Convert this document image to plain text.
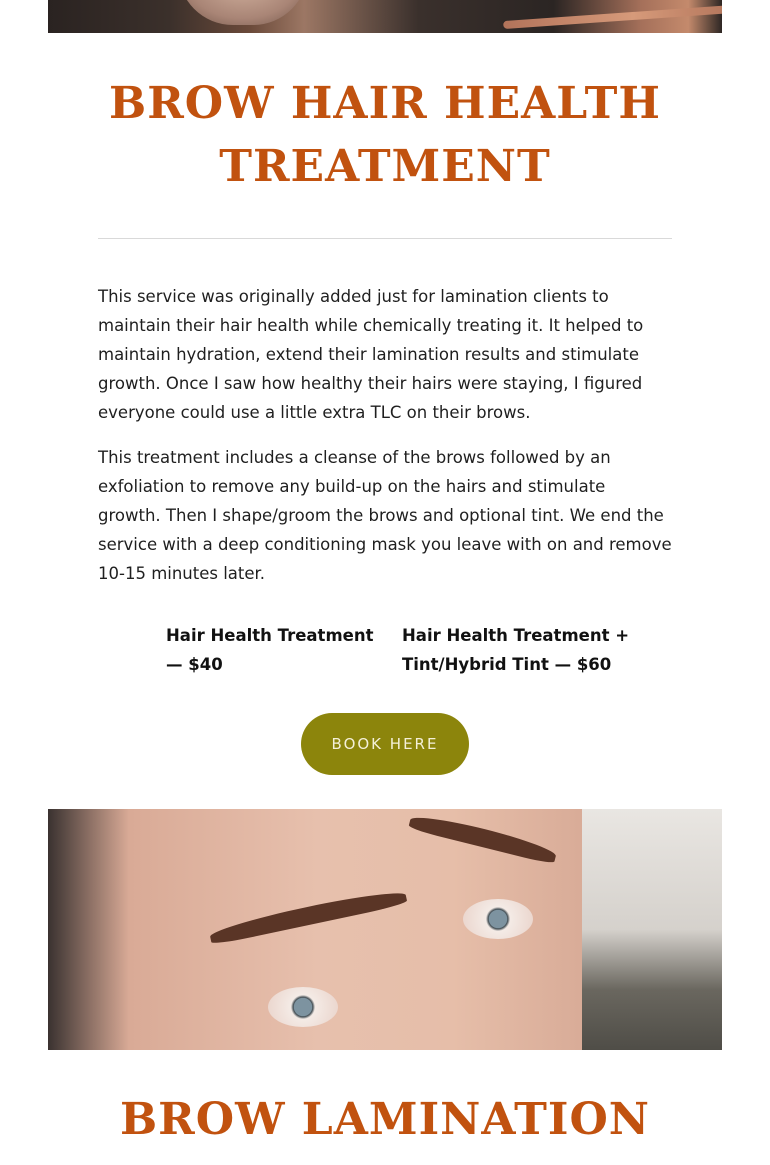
BROW HAIR HEALTH TREATMENT

This service was originally added just for lamination clients to maintain their hair health while chemically treating it. It helped to maintain hydration, extend their lamination results and stimulate growth. Once I saw how healthy their hairs were staying, I figured everyone could use a little extra TLC on their brows.

This treatment includes a cleanse of the brows followed by an exfoliation to remove any build-up on the hairs and stimulate growth. Then I shape/groom the brows and optional tint. We end the service with a deep conditioning mask you leave with on and remove 10-15 minutes later.

Hair Health Treatment — $40
Hair Health Treatment + Tint/Hybrid Tint — $60
BOOK HERE
BROW LAMINATION
